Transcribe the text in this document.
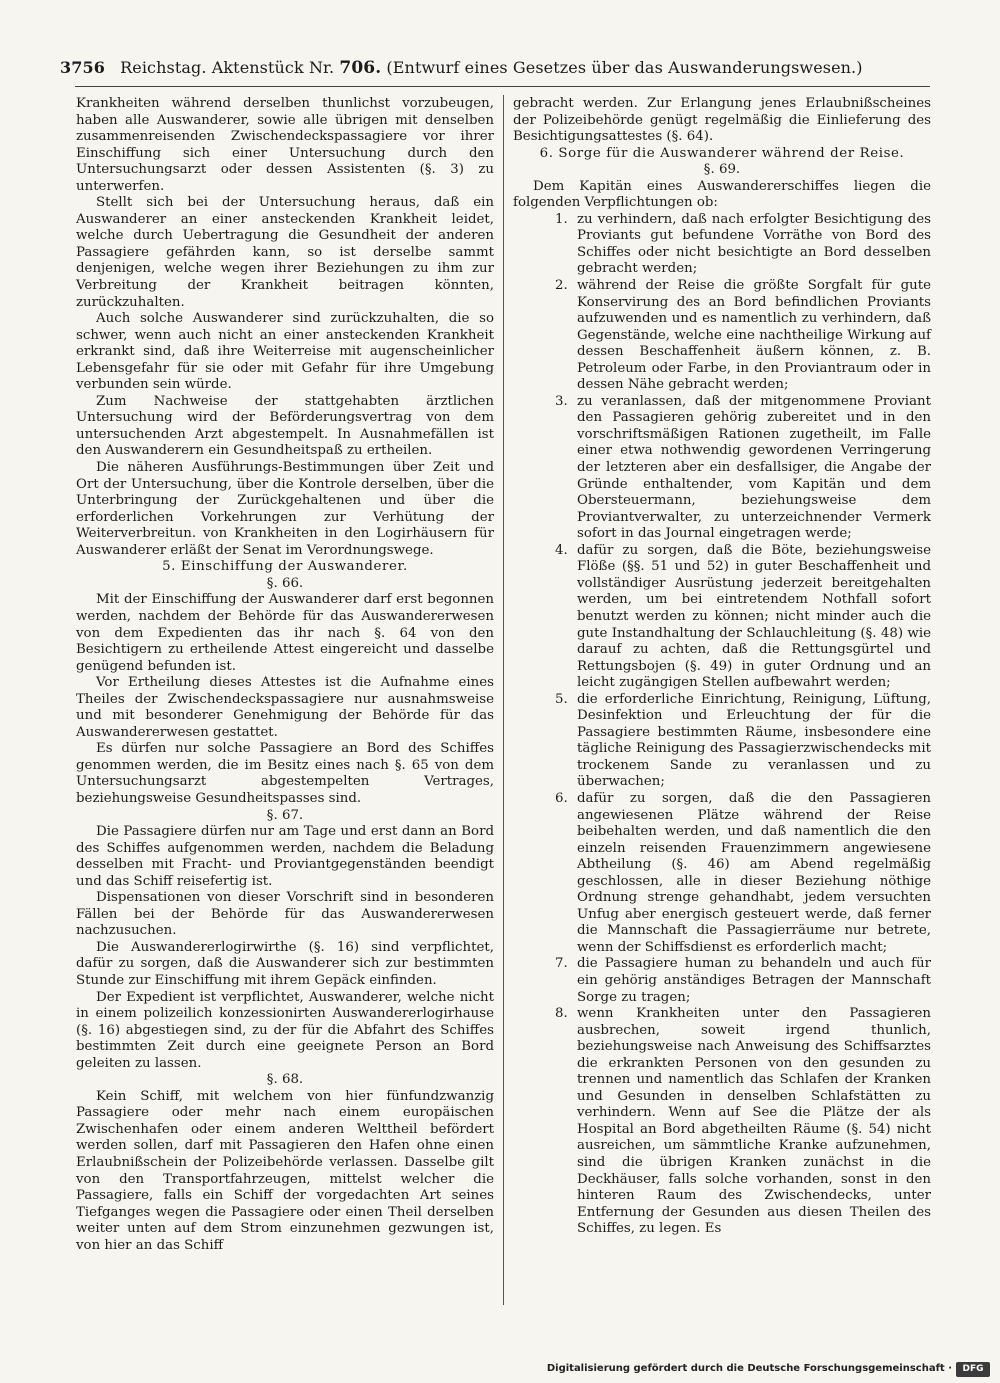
3756 Reichstag. Aktenstück Nr. 706. (Entwurf eines Gesetzes über das Auswanderungswesen.)

Krankheiten während derselben thunlichst vorzubeugen, haben alle Auswanderer, sowie alle übrigen mit denselben zusammenreisenden Zwischendeckspassagiere vor ihrer Einschiffung sich einer Untersuchung durch den Untersuchungsarzt oder dessen Assistenten (§. 3) zu unterwerfen.

Stellt sich bei der Untersuchung heraus, daß ein Auswanderer an einer ansteckenden Krankheit leidet, welche durch Uebertragung die Gesundheit der anderen Passagiere gefährden kann, so ist derselbe sammt denjenigen, welche wegen ihrer Beziehungen zu ihm zur Verbreitung der Krankheit beitragen könnten, zurückzuhalten.

Auch solche Auswanderer sind zurückzuhalten, die so schwer, wenn auch nicht an einer ansteckenden Krankheit erkrankt sind, daß ihre Weiterreise mit augenscheinlicher Lebensgefahr für sie oder mit Gefahr für ihre Umgebung verbunden sein würde.

Zum Nachweise der stattgehabten ärztlichen Untersuchung wird der Beförderungsvertrag von dem untersuchenden Arzt abgestempelt. In Ausnahmefällen ist den Auswanderern ein Gesundheitspaß zu ertheilen.

Die näheren Ausführungs-Bestimmungen über Zeit und Ort der Untersuchung, über die Kontrole derselben, über die Unterbringung der Zurückgehaltenen und über die erforderlichen Vorkehrungen zur Verhütung der Weiterverbreitun. von Krankheiten in den Logirhäusern für Auswanderer erläßt der Senat im Verordnungswege.

5. Einschiffung der Auswanderer.
§. 66.

Mit der Einschiffung der Auswanderer darf erst begonnen werden, nachdem der Behörde für das Auswandererwesen von dem Expedienten das ihr nach §. 64 von den Besichtigern zu ertheilende Attest eingereicht und dasselbe genügend befunden ist.

Vor Ertheilung dieses Attestes ist die Aufnahme eines Theiles der Zwischendeckspassagiere nur ausnahmsweise und mit besonderer Genehmigung der Behörde für das Auswandererwesen gestattet.

Es dürfen nur solche Passagiere an Bord des Schiffes genommen werden, die im Besitz eines nach §. 65 von dem Untersuchungsarzt abgestempelten Vertrages, beziehungsweise Gesundheitspasses sind.

§. 67.

Die Passagiere dürfen nur am Tage und erst dann an Bord des Schiffes aufgenommen werden, nachdem die Beladung desselben mit Fracht- und Proviantgegenständen beendigt und das Schiff reisefertig ist.

Dispensationen von dieser Vorschrift sind in besonderen Fällen bei der Behörde für das Auswandererwesen nachzusuchen.

Die Auswandererlogirwirthe (§. 16) sind verpflichtet, dafür zu sorgen, daß die Auswanderer sich zur bestimmten Stunde zur Einschiffung mit ihrem Gepäck einfinden.

Der Expedient ist verpflichtet, Auswanderer, welche nicht in einem polizeilich konzessionirten Auswandererlogirhause (§. 16) abgestiegen sind, zu der für die Abfahrt des Schiffes bestimmten Zeit durch eine geeignete Person an Bord geleiten zu lassen.

§. 68.

Kein Schiff, mit welchem von hier fünfundzwanzig Passagiere oder mehr nach einem europäischen Zwischenhafen oder einem anderen Welttheil befördert werden sollen, darf mit Passagieren den Hafen ohne einen Erlaubnißschein der Polizeibehörde verlassen. Dasselbe gilt von den Transportfahrzeugen, mittelst welcher die Passagiere, falls ein Schiff der vorgedachten Art seines Tiefganges wegen die Passagiere oder einen Theil derselben weiter unten auf dem Strom einzunehmen gezwungen ist, von hier an das Schiff

gebracht werden. Zur Erlangung jenes Erlaubnißscheines der Polizeibehörde genügt regelmäßig die Einlieferung des Besichtigungsattestes (§. 64).

6. Sorge für die Auswanderer während der Reise.
§. 69.

Dem Kapitän eines Auswandererschiffes liegen die folgenden Verpflichtungen ob:

1. zu verhindern, daß nach erfolgter Besichtigung des Proviants gut befundene Vorräthe von Bord des Schiffes oder nicht besichtigte an Bord desselben gebracht werden;
2. während der Reise die größte Sorgfalt für gute Konservirung des an Bord befindlichen Proviants aufzuwenden und es namentlich zu verhindern, daß Gegenstände, welche eine nachtheilige Wirkung auf dessen Beschaffenheit äußern können, z. B. Petroleum oder Farbe, in den Proviantraum oder in dessen Nähe gebracht werden;
3. zu veranlassen, daß der mitgenommene Proviant den Passagieren gehörig zubereitet und in den vorschriftsmäßigen Rationen zugetheilt, im Falle einer etwa nothwendig gewordenen Verringerung der letzteren aber ein desfallsiger, die Angabe der Gründe enthaltender, vom Kapitän und dem Obersteuermann, beziehungsweise dem Proviantverwalter, zu unterzeichnender Vermerk sofort in das Journal eingetragen werde;
4. dafür zu sorgen, daß die Böte, beziehungsweise Flöße (§§. 51 und 52) in guter Beschaffenheit und vollständiger Ausrüstung jederzeit bereitgehalten werden, um bei eintretendem Nothfall sofort benutzt werden zu können; nicht minder auch die gute Instandhaltung der Schlauchleitung (§. 48) wie darauf zu achten, daß die Rettungsgürtel und Rettungsbojen (§. 49) in guter Ordnung und an leicht zugängigen Stellen aufbewahrt werden;
5. die erforderliche Einrichtung, Reinigung, Lüftung, Desinfektion und Erleuchtung der für die Passagiere bestimmten Räume, insbesondere eine tägliche Reinigung des Passagierzwischendecks mit trockenem Sande zu veranlassen und zu überwachen;
6. dafür zu sorgen, daß die den Passagieren angewiesenen Plätze während der Reise beibehalten werden, und daß namentlich die den einzeln reisenden Frauenzimmern angewiesene Abtheilung (§. 46) am Abend regelmäßig geschlossen, alle in dieser Beziehung nöthige Ordnung strenge gehandhabt, jedem versuchten Unfug aber energisch gesteuert werde, daß ferner die Mannschaft die Passagierräume nur betrete, wenn der Schiffsdienst es erforderlich macht;
7. die Passagiere human zu behandeln und auch für ein gehörig anständiges Betragen der Mannschaft Sorge zu tragen;
8. wenn Krankheiten unter den Passagieren ausbrechen, soweit irgend thunlich, beziehungsweise nach Anweisung des Schiffsarztes die erkrankten Personen von den gesunden zu trennen und namentlich das Schlafen der Kranken und Gesunden in denselben Schlafstätten zu verhindern. Wenn auf See die Plätze der als Hospital an Bord abgetheilten Räume (§. 54) nicht ausreichen, um sämmtliche Kranke aufzunehmen, sind die übrigen Kranken zunächst in die Deckhäuser, falls solche vorhanden, sonst in den hinteren Raum des Zwischendecks, unter Entfernung der Gesunden aus diesen Theilen des Schiffes, zu legen. Es
Digitalisierung gefördert durch die Deutsche Forschungsgemeinschaft ·	DFG
